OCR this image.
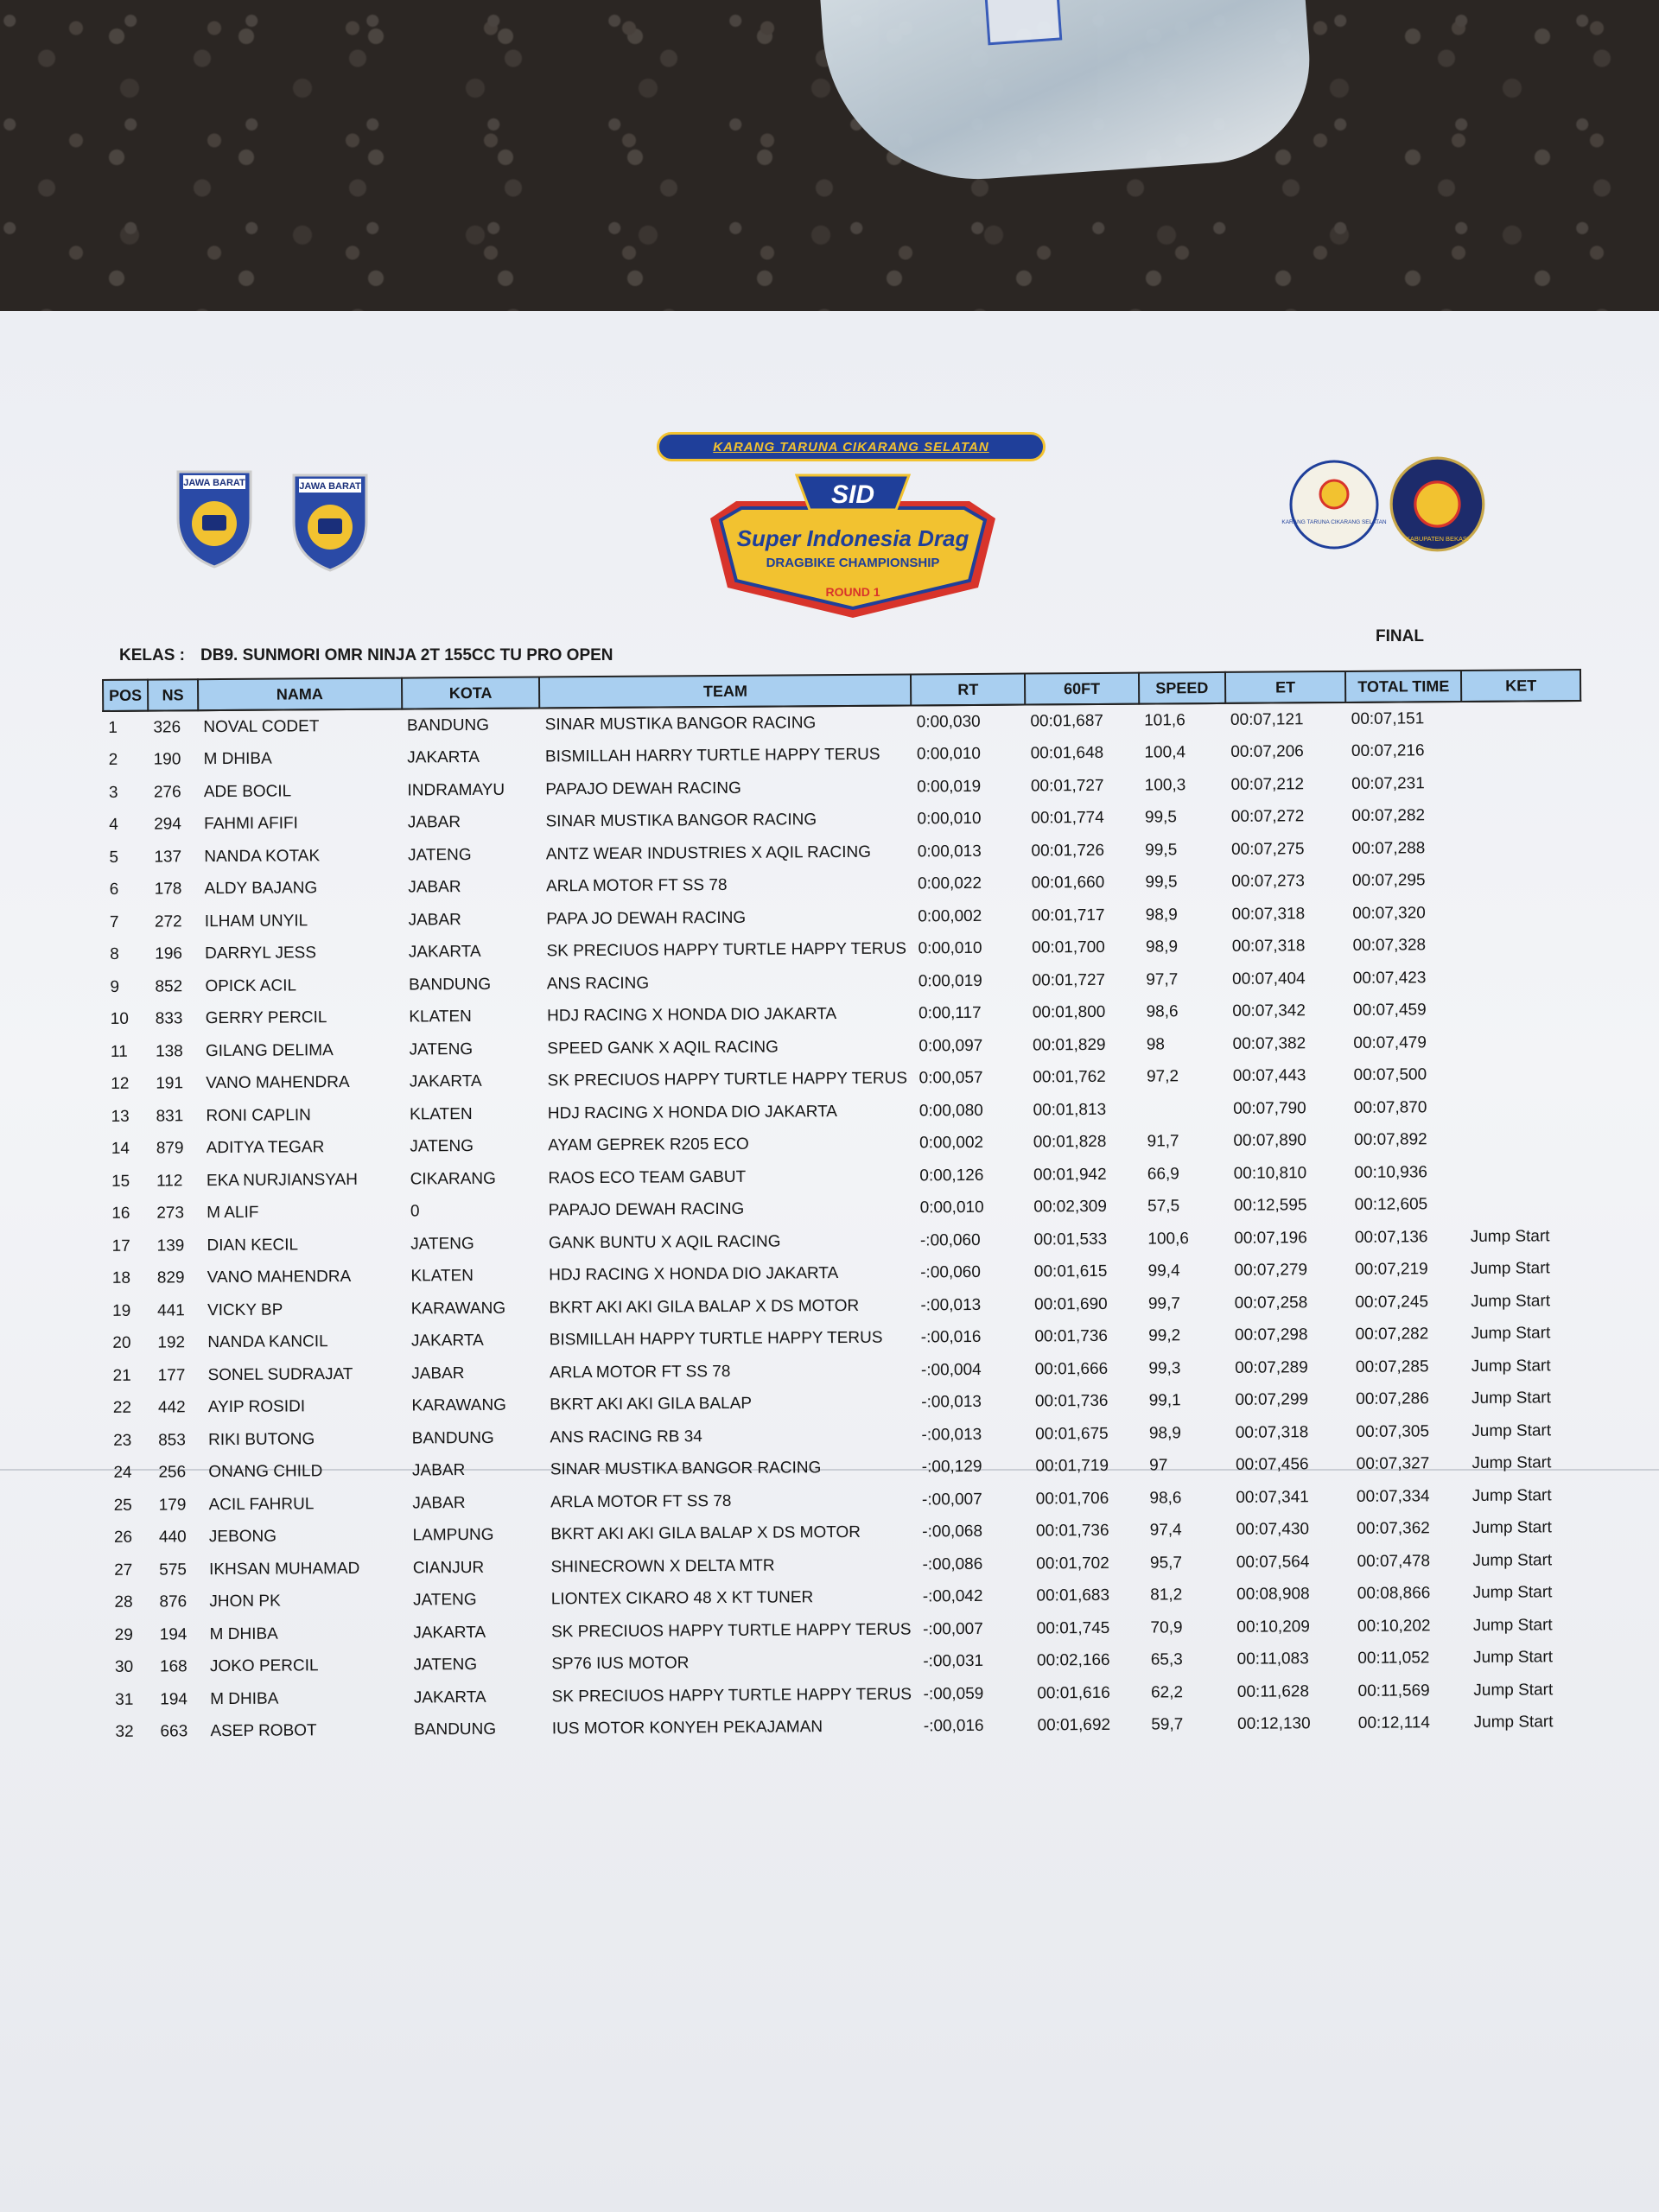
JAWA BARAT	JAWA BARAT
KARANG TARUNA CIKARANG SELATAN
SID
Super Indonesia Drag
DRAGBIKE CHAMPIONSHIP
ROUND 1
KARANG TARUNA CIKARANG SELATAN
KABUPATEN BEKASI
KELAS : DB9. SUNMORI OMR NINJA 2T 155CC TU PRO OPEN
FINAL
POS	NS	NAMA	KOTA	TEAM	RT	60FT	SPEED	ET	TOTAL TIME	KET
1	326	NOVAL CODET	BANDUNG	SINAR MUSTIKA BANGOR RACING	0:00,030	00:01,687	101,6	00:07,121	00:07,151	
2	190	M DHIBA	JAKARTA	BISMILLAH HARRY TURTLE HAPPY TERUS	0:00,010	00:01,648	100,4	00:07,206	00:07,216	
3	276	ADE BOCIL	INDRAMAYU	PAPAJO DEWAH RACING	0:00,019	00:01,727	100,3	00:07,212	00:07,231	
4	294	FAHMI AFIFI	JABAR	SINAR MUSTIKA BANGOR RACING	0:00,010	00:01,774	99,5	00:07,272	00:07,282	
5	137	NANDA KOTAK	JATENG	ANTZ WEAR INDUSTRIES X AQIL RACING	0:00,013	00:01,726	99,5	00:07,275	00:07,288	
6	178	ALDY BAJANG	JABAR	ARLA MOTOR FT SS 78	0:00,022	00:01,660	99,5	00:07,273	00:07,295	
7	272	ILHAM UNYIL	JABAR	PAPA JO DEWAH RACING	0:00,002	00:01,717	98,9	00:07,318	00:07,320	
8	196	DARRYL JESS	JAKARTA	SK PRECIUOS HAPPY TURTLE HAPPY TERUS	0:00,010	00:01,700	98,9	00:07,318	00:07,328	
9	852	OPICK ACIL	BANDUNG	ANS RACING	0:00,019	00:01,727	97,7	00:07,404	00:07,423	
10	833	GERRY PERCIL	KLATEN	HDJ RACING X HONDA DIO JAKARTA	0:00,117	00:01,800	98,6	00:07,342	00:07,459	
11	138	GILANG DELIMA	JATENG	SPEED GANK X AQIL RACING	0:00,097	00:01,829	98	00:07,382	00:07,479	
12	191	VANO MAHENDRA	JAKARTA	SK PRECIUOS HAPPY TURTLE HAPPY TERUS	0:00,057	00:01,762	97,2	00:07,443	00:07,500	
13	831	RONI CAPLIN	KLATEN	HDJ RACING X HONDA DIO JAKARTA	0:00,080	00:01,813		00:07,790	00:07,870	
14	879	ADITYA TEGAR	JATENG	AYAM GEPREK R205 ECO	0:00,002	00:01,828	91,7	00:07,890	00:07,892	
15	112	EKA NURJIANSYAH	CIKARANG	RAOS ECO TEAM GABUT	0:00,126	00:01,942	66,9	00:10,810	00:10,936	
16	273	M ALIF	0	PAPAJO DEWAH RACING	0:00,010	00:02,309	57,5	00:12,595	00:12,605	
17	139	DIAN KECIL	JATENG	GANK BUNTU X AQIL RACING	-:00,060	00:01,533	100,6	00:07,196	00:07,136	Jump Start
18	829	VANO MAHENDRA	KLATEN	HDJ RACING X HONDA DIO JAKARTA	-:00,060	00:01,615	99,4	00:07,279	00:07,219	Jump Start
19	441	VICKY BP	KARAWANG	BKRT AKI AKI GILA BALAP X DS MOTOR	-:00,013	00:01,690	99,7	00:07,258	00:07,245	Jump Start
20	192	NANDA KANCIL	JAKARTA	BISMILLAH HAPPY TURTLE HAPPY TERUS	-:00,016	00:01,736	99,2	00:07,298	00:07,282	Jump Start
21	177	SONEL SUDRAJAT	JABAR	ARLA MOTOR FT SS 78	-:00,004	00:01,666	99,3	00:07,289	00:07,285	Jump Start
22	442	AYIP ROSIDI	KARAWANG	BKRT AKI AKI GILA BALAP	-:00,013	00:01,736	99,1	00:07,299	00:07,286	Jump Start
23	853	RIKI BUTONG	BANDUNG	ANS RACING RB 34	-:00,013	00:01,675	98,9	00:07,318	00:07,305	Jump Start
24	256	ONANG CHILD	JABAR	SINAR MUSTIKA BANGOR RACING	-:00,129	00:01,719	97	00:07,456	00:07,327	Jump Start
25	179	ACIL FAHRUL	JABAR	ARLA MOTOR FT SS 78	-:00,007	00:01,706	98,6	00:07,341	00:07,334	Jump Start
26	440	JEBONG	LAMPUNG	BKRT AKI AKI GILA BALAP X DS MOTOR	-:00,068	00:01,736	97,4	00:07,430	00:07,362	Jump Start
27	575	IKHSAN MUHAMAD	CIANJUR	SHINECROWN X DELTA MTR	-:00,086	00:01,702	95,7	00:07,564	00:07,478	Jump Start
28	876	JHON PK	JATENG	LIONTEX CIKARO 48 X KT TUNER	-:00,042	00:01,683	81,2	00:08,908	00:08,866	Jump Start
29	194	M DHIBA	JAKARTA	SK PRECIUOS HAPPY TURTLE HAPPY TERUS	-:00,007	00:01,745	70,9	00:10,209	00:10,202	Jump Start
30	168	JOKO PERCIL	JATENG	SP76 IUS MOTOR	-:00,031	00:02,166	65,3	00:11,083	00:11,052	Jump Start
31	194	M DHIBA	JAKARTA	SK PRECIUOS HAPPY TURTLE HAPPY TERUS	-:00,059	00:01,616	62,2	00:11,628	00:11,569	Jump Start
32	663	ASEP ROBOT	BANDUNG	IUS MOTOR KONYEH PEKAJAMAN	-:00,016	00:01,692	59,7	00:12,130	00:12,114	Jump Start
